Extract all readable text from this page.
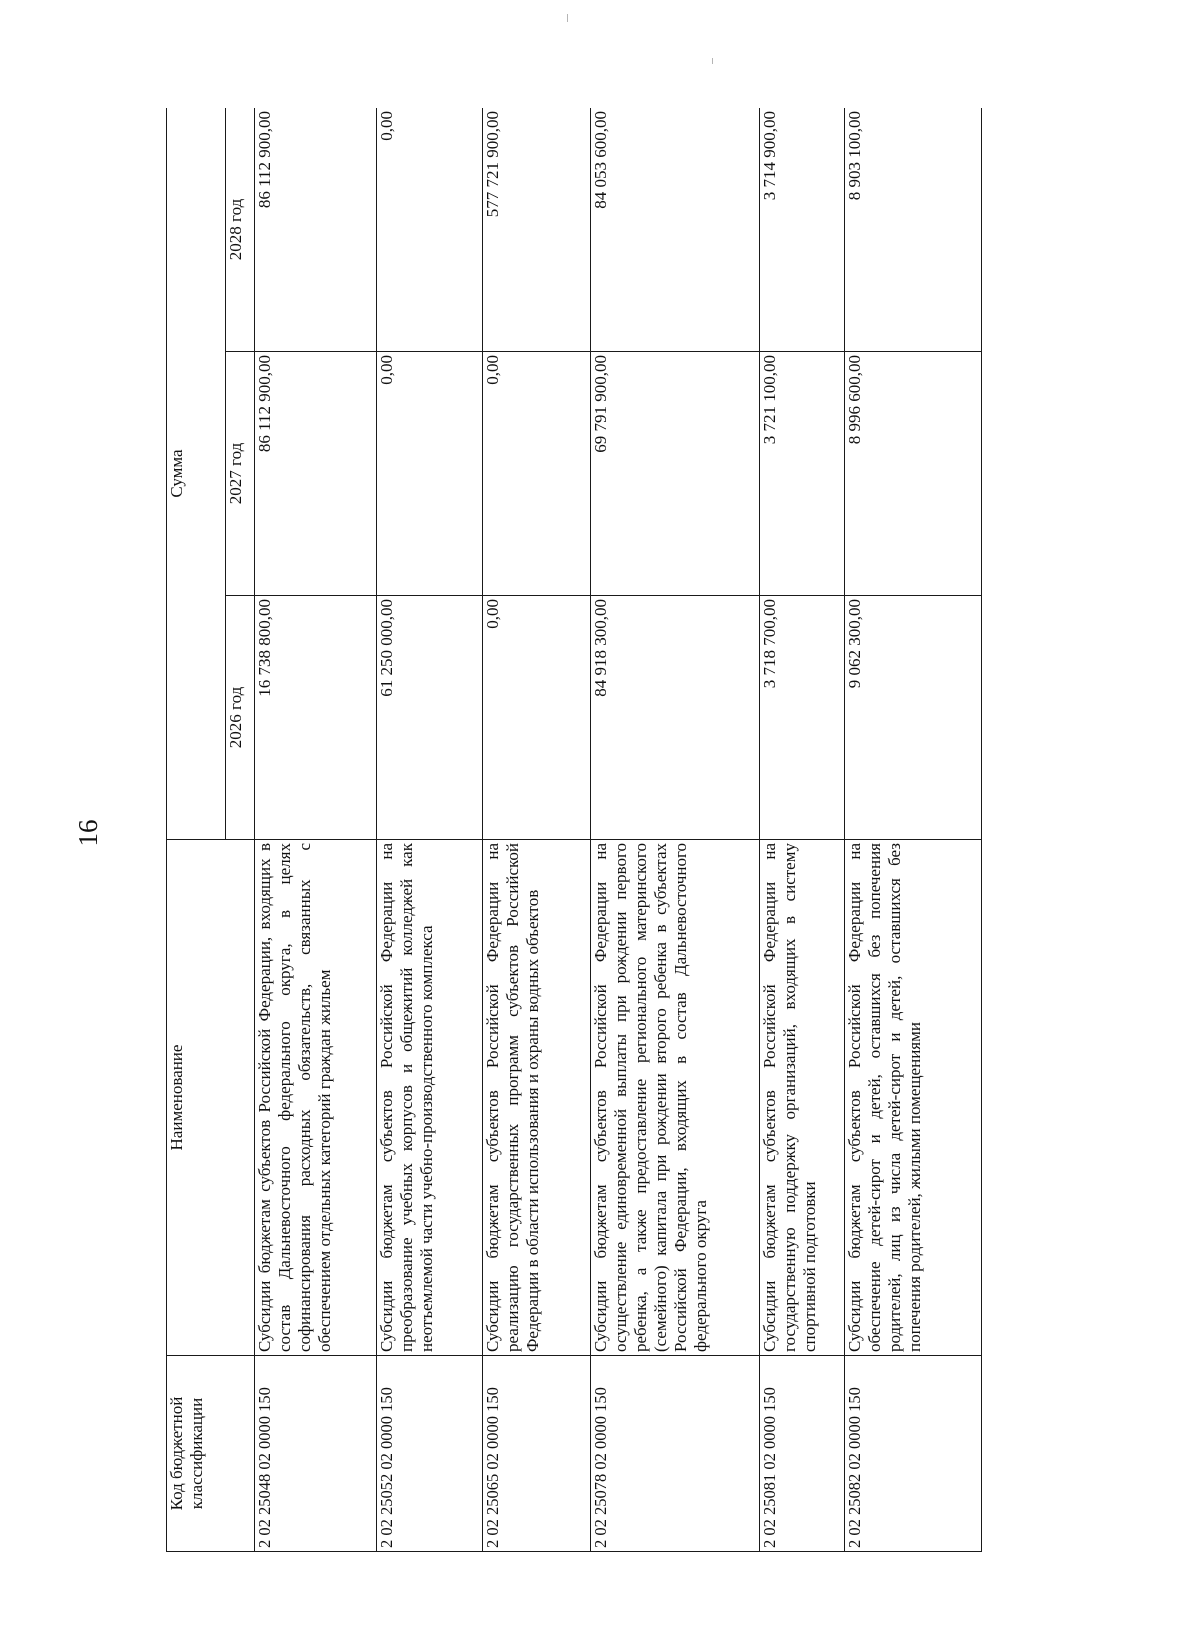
16
Код бюджетной классификации	Наименование	Сумма		
		2026 год	2027 год	2028 год
2 02 25048 02 0000 150	Субсидии бюджетам субъектов Российской Федерации, входящих в состав Дальневосточного федерального округа, в целях софинансирования расходных обязательств, связанных с обеспечением отдельных категорий граждан жильем	16 738 800,00	86 112 900,00	86 112 900,00
2 02 25052 02 0000 150	Субсидии бюджетам субъектов Российской Федерации на преобразование учебных корпусов и общежитий колледжей как неотъемлемой части учебно-производственного комплекса	61 250 000,00	0,00	0,00
2 02 25065 02 0000 150	Субсидии бюджетам субъектов Российской Федерации на реализацию государственных программ субъектов Российской Федерации в области использования и охраны водных объектов	0,00	0,00	577 721 900,00
2 02 25078 02 0000 150	Субсидии бюджетам субъектов Российской Федерации на осуществление единовременной выплаты при рождении первого ребенка, а также предоставление регионального материнского (семейного) капитала при рождении второго ребенка в субъектах Российской Федерации, входящих в состав Дальневосточного федерального округа	84 918 300,00	69 791 900,00	84 053 600,00
2 02 25081 02 0000 150	Субсидии бюджетам субъектов Российской Федерации на государственную поддержку организаций, входящих в систему спортивной подготовки	3 718 700,00	3 721 100,00	3 714 900,00
2 02 25082 02 0000 150	Субсидии бюджетам субъектов Российской Федерации на обеспечение детей-сирот и детей, оставшихся без попечения родителей, лиц из числа детей-сирот и детей, оставшихся без попечения родителей, жилыми помещениями	9 062 300,00	8 996 600,00	8 903 100,00
